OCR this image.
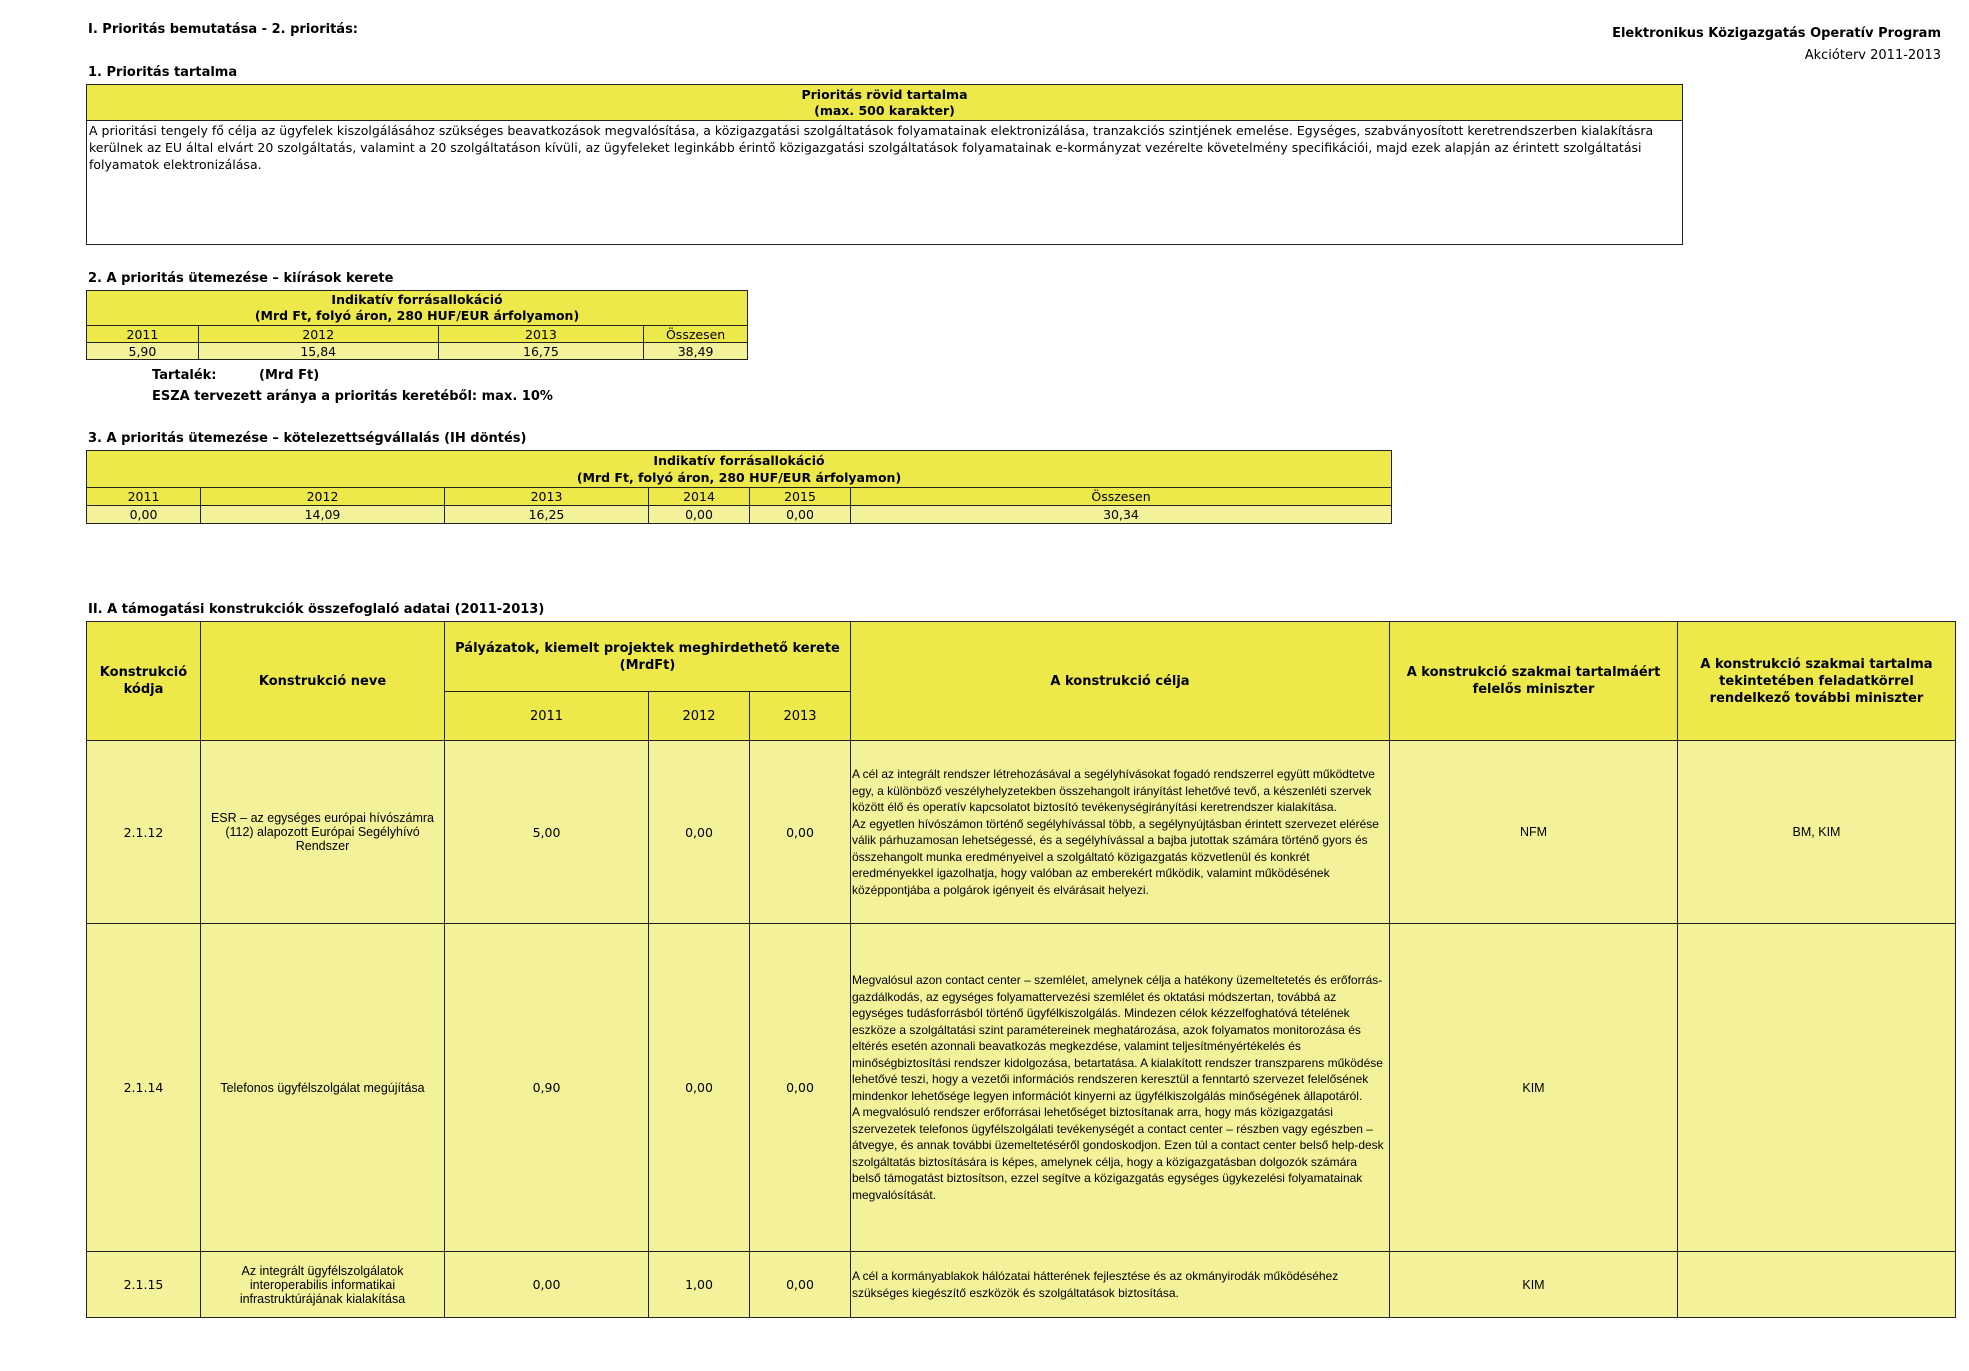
I. Prioritás bemutatása - 2. prioritás:	Elektronikus Közigazgatás Operatív Program
Akcióterv 2011-2013
1. Prioritás tartalma
Prioritás rövid tartalma
(max. 500 karakter)

A prioritási tengely fő célja az ügyfelek kiszolgálásához szükséges beavatkozások megvalósítása, a közigazgatási szolgáltatások folyamatainak elektronizálása, tranzakciós szintjének emelése. Egységes, szabványosított keretrendszerben kialakításra kerülnek az EU által elvárt 20 szolgáltatás, valamint a 20 szolgáltatáson kívüli, az ügyfeleket leginkább érintő közigazgatási szolgáltatások folyamatainak e-kormányzat vezérelte követelmény specifikációi, majd ezek alapján az érintett szolgáltatási folyamatok elektronizálása.
2. A prioritás ütemezése – kiírások kerete
Indikatív forrásallokáció
(Mrd Ft, folyó áron, 280 HUF/EUR árfolyamon)			

2011	2012	2013	Összesen
5,90	15,84	16,75	38,49
Tartalék:	(Mrd Ft)
ESZA tervezett aránya a prioritás keretéből: max. 10%
3. A prioritás ütemezése – kötelezettségvállalás (IH döntés)
Indikatív forrásallokáció
(Mrd Ft, folyó áron, 280 HUF/EUR árfolyamon)					

2011	2012	2013	2014	2015	Összesen
0,00	14,09	16,25	0,00	0,00	30,34
II. A támogatási konstrukciók összefoglaló adatai (2011-2013)
Konstrukció kódja	Konstrukció neve	Pályázatok, kiemelt projektek meghirdethető kerete (MrdFt)			A konstrukció célja	A konstrukció szakmai tartalmáért felelős miniszter	A konstrukció szakmai tartalma tekintetében feladatkörrel rendelkező további miniszter
		2011	2012	2013			
2.1.12	ESR – az egységes európai hívószámra (112) alapozott Európai Segélyhívó Rendszer	5,00	0,00	0,00	A cél az integrált rendszer létrehozásával a segélyhívásokat fogadó rendszerrel együtt működtetve egy, a különböző veszélyhelyzetekben összehangolt irányítást lehetővé tevő, a készenléti szervek között élő és operatív kapcsolatot biztosító tevékenységirányítási keretrendszer kialakítása.
Az egyetlen hívószámon történő segélyhívással több, a segélynyújtásban érintett szervezet elérése válik párhuzamosan lehetségessé, és a segélyhívással a bajba jutottak számára történő gyors és összehangolt munka eredményeivel a szolgáltató közigazgatás közvetlenül és konkrét eredményekkel igazolhatja, hogy valóban az emberekért működik, valamint működésének középpontjába a polgárok igényeit és elvárásait helyezi.	NFM	BM, KIM
2.1.14	Telefonos ügyfélszolgálat megújítása	0,90	0,00	0,00	Megvalósul azon contact center – szemlélet, amelynek célja a hatékony üzemeltetetés és erőforrás-gazdálkodás, az egységes folyamattervezési szemlélet és oktatási módszertan, továbbá az egységes tudásforrásból történő ügyfélkiszolgálás. Mindezen célok kézzelfoghatóvá tételének eszköze a szolgáltatási szint paramétereinek meghatározása, azok folyamatos monitorozása és eltérés esetén azonnali beavatkozás megkezdése, valamint teljesítményértékelés és minőségbiztosítási rendszer kidolgozása, betartatása. A kialakított rendszer transzparens működése lehetővé teszi, hogy a vezetői információs rendszeren keresztül a fenntartó szervezet felelősének mindenkor lehetősége legyen információt kinyerni az ügyfélkiszolgálás minőségének állapotáról.
A megvalósuló rendszer erőforrásai lehetőséget biztosítanak arra, hogy más közigazgatási szervezetek telefonos ügyfélszolgálati tevékenységét a contact center – részben vagy egészben – átvegye, és annak további üzemeltetéséről gondoskodjon. Ezen túl a contact center belső help-desk szolgáltatás biztosítására is képes, amelynek célja, hogy a közigazgatásban dolgozók számára belső támogatást biztosítson, ezzel segítve a közigazgatás egységes ügykezelési folyamatainak megvalósítását.	KIM	
2.1.15	Az integrált ügyfélszolgálatok interoperabilis informatikai infrastruktúrájának kialakítása	0,00	1,00	0,00	A cél a kormányablakok hálózatai hátterének fejlesztése és az okmányirodák működéséhez szükséges kiegészítő eszközök és szolgáltatások biztosítása.	KIM	
